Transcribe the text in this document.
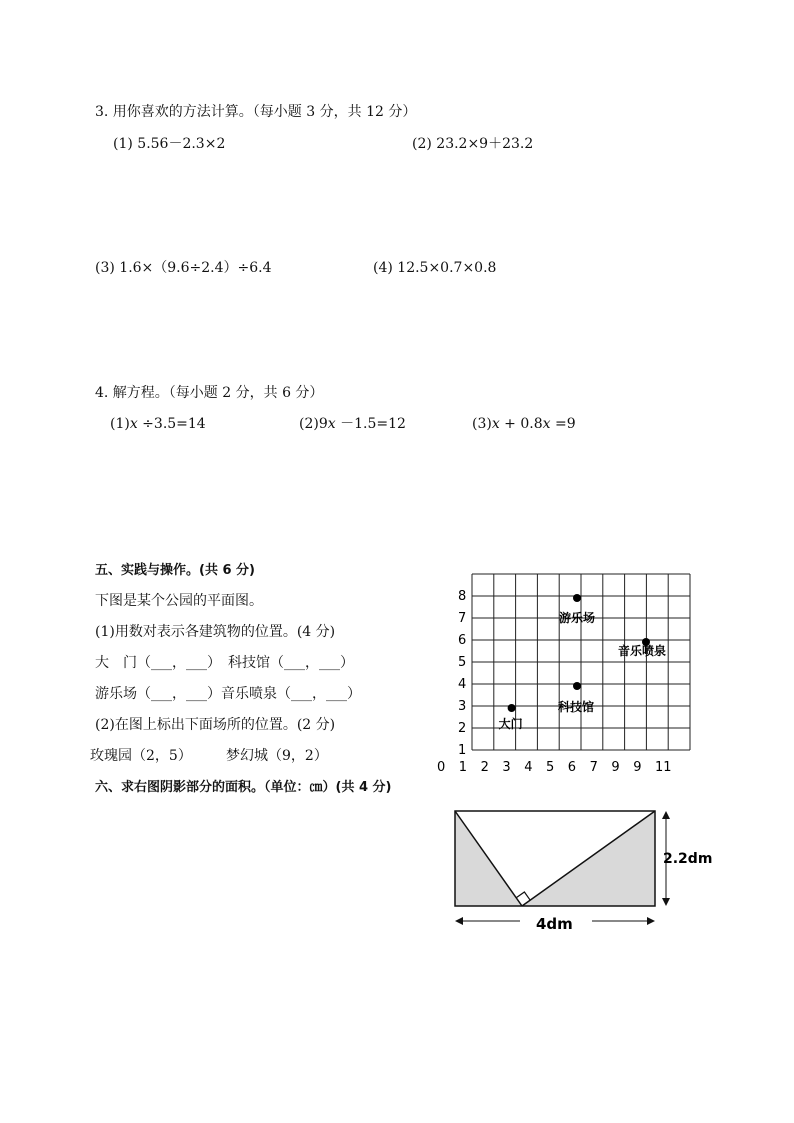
3. 用你喜欢的方法计算。（每小题 3 分，共 12 分）
(1) 5.56－2.3×2	(2) 23.2×9＋23.2
(3) 1.6×（9.6÷2.4）÷6.4	(4) 12.5×0.7×0.8
4. 解方程。（每小题 2 分，共 6 分）
(1)𝑥 ÷3.5=14	(2)9𝑥 －1.5=12	(3)𝑥 + 0.8𝑥 =9
五、实践与操作。(共 6 分)
下图是某个公园的平面图。
(1)用数对表示各建筑物的位置。(4 分)
大　门（___，___）　科技馆（___，___）
游乐场（___，___）音乐喷泉（___，___）
(2)在图上标出下面场所的位置。(2 分)
玫瑰园（2，5） 梦幻城（9，2）
六、求右图阴影部分的面积。（单位：㎝）(共 4 分)
1
2
3
4
5
6
7
8
0 1 2 3 4 5 6 7 9 9 11
游乐场
音乐喷泉
科技馆
大门
2.2dm
4dm
